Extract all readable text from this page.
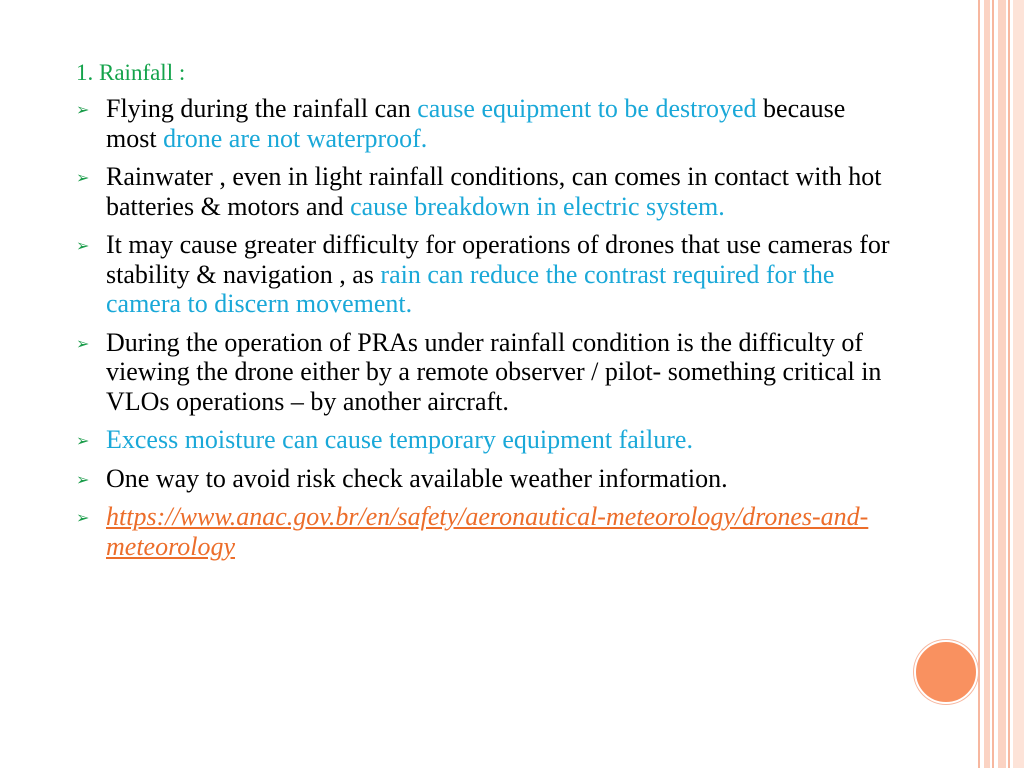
1. Rainfall :
➢ Flying during the rainfall can cause equipment to be destroyed because most drone are not waterproof.
➢ Rainwater , even in light rainfall conditions, can comes in contact with hot batteries & motors and cause breakdown in electric system.
➢ It may cause greater difficulty for operations of drones that use cameras for stability & navigation , as rain can reduce the contrast required for the camera to discern movement.
➢ During the operation of PRAs under rainfall condition is the difficulty of viewing the drone either by a remote observer / pilot- something critical in VLOs operations – by another aircraft.
➢ Excess moisture can cause temporary equipment failure.
➢ One way to avoid risk check available weather information.
➢ https://www.anac.gov.br/en/safety/aeronautical-meteorology/drones-and-meteorology
